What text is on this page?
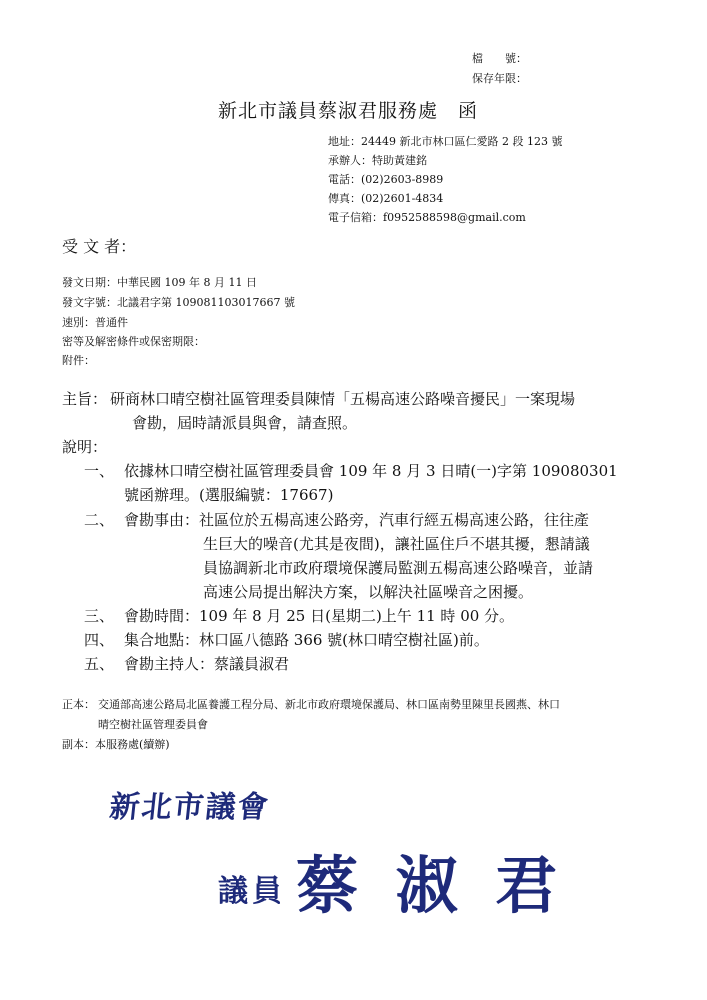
檔　　號：
保存年限：
新北市議員蔡淑君服務處　函
地址：24449 新北市林口區仁愛路 2 段 123 號
承辦人：特助黃建銘
電話：(02)2603-8989
傳真：(02)2601-4834
電子信箱：f0952588598@gmail.com
受 文 者：
發文日期：中華民國 109 年 8 月 11 日
發文字號：北議君字第 109081103017667 號
速別：普通件
密等及解密條件或保密期限：
附件：
主旨： 研商林口晴空樹社區管理委員陳情「五楊高速公路噪音擾民」一案現場
會勘，屆時請派員與會，請查照。
說明：
一、 依據林口晴空樹社區管理委員會 109 年 8 月 3 日晴(一)字第 109080301
號函辦理。(選服編號：17667)
二、 會勘事由：社區位於五楊高速公路旁，汽車行經五楊高速公路，往往產
生巨大的噪音(尤其是夜間)，讓社區住戶不堪其擾，懇請議
員協調新北市政府環境保護局監測五楊高速公路噪音，並請
高速公局提出解決方案，以解決社區噪音之困擾。
三、 會勘時間：109 年 8 月 25 日(星期二)上午 11 時 00 分。
四、 集合地點：林口區八德路 366 號(林口晴空樹社區)前。
五、 會勘主持人：蔡議員淑君
正本： 交通部高速公路局北區養護工程分局、新北市政府環境保護局、林口區南勢里陳里長國燕、林口
晴空樹社區管理委員會
副本：本服務處(續辦)
新北市議會
議員 蔡 淑 君
